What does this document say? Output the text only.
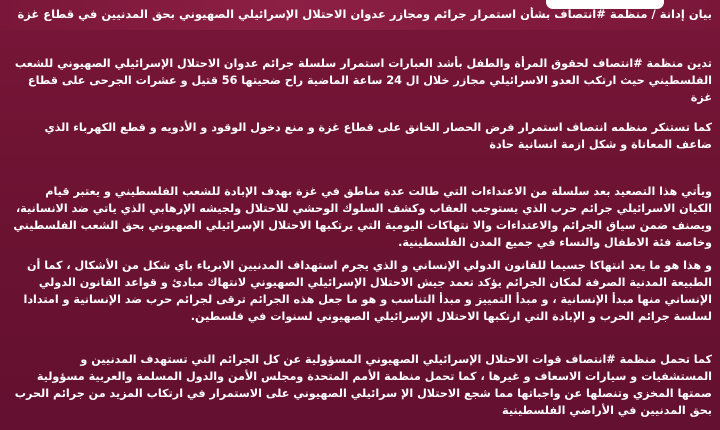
بيان إدانة / منظمة #انتصاف بشأن استمرار جرائم ومجازر عدوان الاحتلال الإسرائيلي الصهيوني بحق المدنيين في قطاع غزة

تدين منظمة #انتصاف لحقوق المرأة والطفل بأشد العبارات استمرار سلسلة جرائم عدوان الاحتلال الإسرائيلي الصهيوني للشعب الفلسطيني حيث ارتكب العدو الاسرائيلي مجازر خلال ال 24 ساعة الماضية راح ضحيتها 56 قتيل و عشرات الجرحى على قطاع غزة

كما تستنكر منظمه انتصاف استمرار فرض الحصار الخانق على قطاع غزة و منع دخول الوقود و الأدويه و قطع الكهرباء الذي ضاعف المعاناة و شكل ازمة انسانية حادة

ويأتي هذا التصعيد بعد سلسلة من الاعتداءات التي طالت عدة مناطق في غزة بهدف الإبادة للشعب الفلسطيني و يعتبر قيام الكيان الاسرائيلي جرائم حرب الذي يستوجب العقاب وكشف السلوك الوحشي للاحتلال ولجيشه الإرهابي الذي ياتي ضد الانسانية، ويصنف ضمن سياق الجرائم والاعتداءات والا نتهاكات اليومية التي يرتكبها الاحتلال الإسرائيلي الصهيوني بحق الشعب الفلسطيني وخاصة فئة الاطفال والنساء في جميع المدن الفلسطينية.

و هذا هو ما يعد انتهاكا جسيما للقانون الدولي الإنساني و الذي يجرم استهداف المدنيين الابرياء باي شكل من الأشكال ، كما أن الطبيعة المدنية الصرفة لمكان الجرائم يؤكد تعمد جيش الاحتلال الإسرائيلي الصهيوني لانتهاك مبادئ و قواعد القانون الدولي الإنساني منها مبدأ الإنسانية ، و مبدأ التمييز و مبدأ التناسب و هو ما جعل هذه الجرائم ترقى لجرائم حرب ضد الإنسانية و امتدادا لسلسة جرائم الحرب و الإبادة التي ارتكبها الاحتلال الإسرائيلي الصهيوني لسنوات في فلسطين.

كما تحمل منظمة #انتصاف قوات الاحتلال الإسرائيلي الصهيوني المسؤولية عن كل الجرائم التي تستهدف المدنيين و المستشفيات و سيارات الاسعاف و غيرها ، كما تحمل منظمة الأمم المتحدة ومجلس الأمن والدول المسلمة والعربية مسؤولية صمتها المخزي وتنصلها عن واجباتها مما شجع الاحتلال الإ سرائيلي الصهيوني على الاستمرار في ارتكاب المزيد من جرائم الحرب بحق المدنيين في الأراضي الفلسطينية
